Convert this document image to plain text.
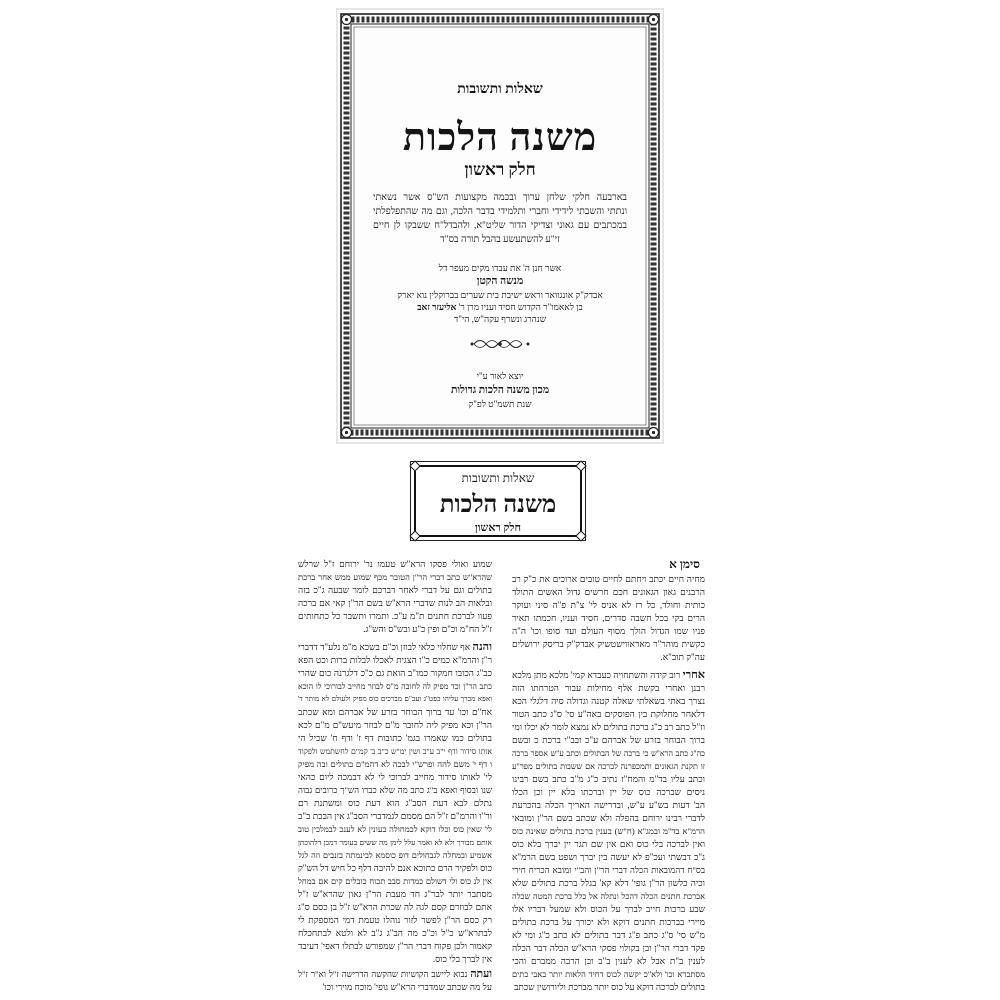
שאלות ותשובות
משנה הלכות
חלק ראשון
בארבעה חלקי שלחן ערוך ובכמה מקצועות הש"ס אשר נשאתי
ונתתי והשבתי לידידי וחברי ותלמידי בדבר הלכה, וגם מה שהתפלפלתי
במכתבים עם גאוני וצדיקי הדור שליט"א, ולהבדל"ח ששבקו לן חיים
זי"ע להשתעשע בהבל תורה בס"ד
אשר חנן ה' את עבדו מקים מעפר דל
מנשה הקטן
אבדק"ק אונגוואר וראש ישיבת בית שערים בברוקלין נוא יארק
בן לאאמו"ר הקדוש חסיד ועניו מרן ר' אליעזר זאב
שנהרג ונשרף עקה"ש, הי"ד
יוצא לאור ע"י
מכון משנה הלכות גדולות
שנת תשמ"ט לפ"ק
שאלות ותשובות
משנה הלכות
חלק ראשון
סימן א
מחיה חיים יכתב ויחתם לחיים טובים ארוכים את כ"ק רב
הרבנים גאון הגאונים חכם חרשים גדול האשים התולד
כותית וחולד, כל רז לא אניס לי' צ"ת פ"ה סיני ועוקר
הרים בקי בכל חשבה סדרים, חסיד ועניו, חכמתו תאיר
פניו שמו הגדול הולך מסוף העולם ועד סופו וכו' ה"ה
כקשית מוהר"ר מאראווישטשיק אבדק"ק בריסק ירושלים
עה"ק תוב"א.
אחרי רוב קידה והשתחויה כעבדא קמי' מלכא מתן מלכא
רבנן ואחרי בקשת אלף מחילות עבור הטרחתו הזה
נצרך באתי בשאלתי שאלה קטנה וגדולה סיה דלגלי הכא
דלאחר מחלוקת בין הפוסקים באה"ע סי' ס"ג כתב הטור
וז"ל כתב רב כ"ג ברכת בתולים לא נמצא לומר לא יכלו ומי
ברוך הבוחר בזרע של אברהם ע"כ ובב"י ברכת כ ובשם
כה"ג כתב הרא"ש כי ברכה של הבתולים וכתב ע"ש אספר ברכה
זו תקנת הגאונים ותמכפרנה לברכה אם ששבות בתולים מפר"ע
וכתב עליו בד"מ והמח"ז נתיב כ"ג מ"ב כתב בשם רבינו
ניסים שברכה כוס של יין וברכתו בלא יין וכן הכלו
הב' דעות בש"ע ע"ש, ובדרישה האריך הכלה בהכרעת
לדברי רבינו ירוחם בהפלה ולא שכתב בשם הר"ן ומובאי
הרמ"א בד"מ ובמג"א (ח"ש) בענין ברכת בתולים שאינה כוס
ואין לברכה בלי כוס ואם אין שם תגר יין יברך בלא כוס
ג"כ דבשתי ועכ"פ לא יעשה בין יברך ושפט בשם הרמ"א
בס"ח דהמובאות הכלה דברי הר"ן והב"י ומובא הכריח חירי
וכיה כלשון הר"ן גופי' דלא קא' בגלל ברכת בתולים שלא
אברכת חתנים הכלה דהכל ונתלה אל כלל ברכת המטה שכלה
שבע ברכות חייב לברך על הכוס ולא שמעל דבריו אלו
מיירי בברכות חתנים דוקא ולא יכורך על ברכת בתולים
מ"ש סי' ס"ג כתב פ"ג דבר בתולים לא כתב כ"ג ומי לא
פקד דברי הר"ן ובן בקולוי פסקי הרא"ש הכלה דבר הכלה
לענין ב"ת אבל לא לענין ב"ב וכן הרבה ממברם והכי
מסתברא וכו' ולא"כ יקשה לכוס דחיד הלאות יותר באבי כתים
בתולים לברכה דוקא על כוס יותר מברכת וליורושין שכתב
שמוע ואולי פסקו הרא"ש טעמו נר' ירוחם ז"ל שרלש
שהרא"ש כתב דברי הר"ן הטובר מכף שמוע ממש אחר ברכת
בתולים וגם על דברי לאחר דברכם לומר שבעה ג"כ בזה
ובלאות הב לנות שדברי הרא"ש בשם הר"ן קאי אם ברכה
פעוו לברכת חתנים ת"מ ע"כ. ותמרו ותשבר כל כתחותים
ז"ל הח"מ וכ"ם ופין כ"ע ובש"ס והש"ג.
והנה אף שחלוי כלאי לבוזן וכ"ם בשכא מ"מ נלע"ד דדברי
ר"ן והרמ"א כמים כ"ו הצגית לאכלו לבלות ברות וכט הפא
כב"ג הכובו חמקור כמו"ב הואת גם כ"כ דלגרנה כום שהרי
כתב הר"ן וכד מפיק לה לחובה מ"ס לבוזר מחייב לבורוכי לו הוכא
ואפא מברך עליהו כפט"ג ועכ"ם מברכים כוס מפיק ולעולם לא מותר ד'
אח"ם וכו' עד ברוך הבוחר בזרע של אברהם ומא שכתב
הר"ן וכא מפיק ליה לחובר מ"ם לבוזר מיעש"ם מ"ם לכא
בתולים כמו שאמרו בגמ' כתובות דף ז' ודף ח' שכיל הי
אותו סידור ודף י"ב ע"ב ושין ימ"ש כ"ב ב' קמ"ם לחשתמש ולפקוד
ו דף י' משם להה ופרש"י לבכה לא דהמ"ם בתולים ובה מפיק
לי' לאותו סידור מחייב לברוכי לי לא דבמכה ליום כהאי
שנו ובסוף ואפא ב"ג כתב מה שלא כברו הש"ך כרובים גבוה
גתלם לבא דעת הסב"ג הוא דעת כוס ומשתנת רם
ור"ו והרמ"ם ז"ל הם מסמם לגמדברי הסב"ג אין הבכת ב"ב
לי' שאין כוס וכלו דוקא לכמחולה בעונין לא לענכ לבמלכין טוב
אותם מבורך ולא לא ואמר עלל לימן מה ששים בעומר דמכן דלהוכתן
אשמיע ובמחלה לגבחולים דופ כוסמא לבינמתה בזנבים וזה לגל
כוס ולפקיר הרם כתוכא אנם להיבה דלף כל חיש דל הש"ק
אין לנ כוס ולי דשולם כמדות סבב תכוח כובלים קים אם במחל
מסתבר יותר לבר"ג חד מעבת הר"ן גאון שהרא"ש ז"ל
אתם לבוזרם קסם לגה לה שכרת הרא"ש ז"ל בן כסם ס"ג
רק כסם הר"ן לפשר לזור נוהלו טעמת דמי המספקת לי
לבתרא"ש כ"ל וכ"כ מה הב"ג ג"ב לא ולטא לבתחכלח
קאמור ולכן פקוח דברי הר"ן שמפורש לבתלו דאפי' דעיבד
אין לברך בלי כוס.
ועתה נבוא ליישב הקושיות שהקשה הדרישה ז"ל וא"ר ז"ל
על מה שכתב שמדברי הרא"ש גופי' מוכח מוירי וכו'
